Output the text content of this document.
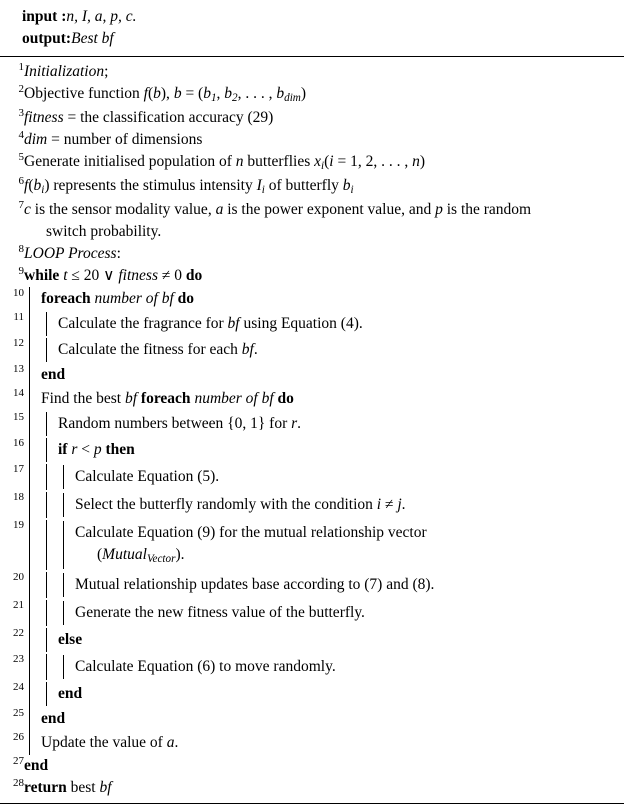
input : n, I, a, p, c.
output: Best bf
1	Initialization;
2	Objective function f(b), $b = (b_1$, $b_2$, . . . , $b_{dim}$)
3	fitness = the classification accuracy (29)
4	dim = number of dimensions
5	Generate initialised population of n butterflies $x_i(i = 1$, 2, . . . , n)
6	$f(b_i)$ represents the stimulus intensity $I_i$ of butterfly $b_i$
7	c is the sensor modality value, a is the power exponent value, and p is the random
switch probability.

8	LOOP Process:
9	while t ≤ 20 ∨ fitness ≠ 0 do
10	foreach number of bf do

11	Calculate the fragrance for bf using Equation (4).

12	Calculate the fitness for each bf.

13	end

14	Find the best bf foreach number of bf do

15	Random numbers between {0, 1} for r.

16	if r < p then

17	Calculate Equation (5).

18	Select the butterfly randomly with the condition i ≠ j.

19	Calculate Equation (9) for the mutual relationship vector
(Mutual$_{Vector}$).

20	Mutual relationship updates base according to (7) and (8).

21	Generate the new fitness value of the butterfly.

22	else

23	Calculate Equation (6) to move randomly.

24	end

25	end

26	Update the value of a.

27	end
28	return best bf
